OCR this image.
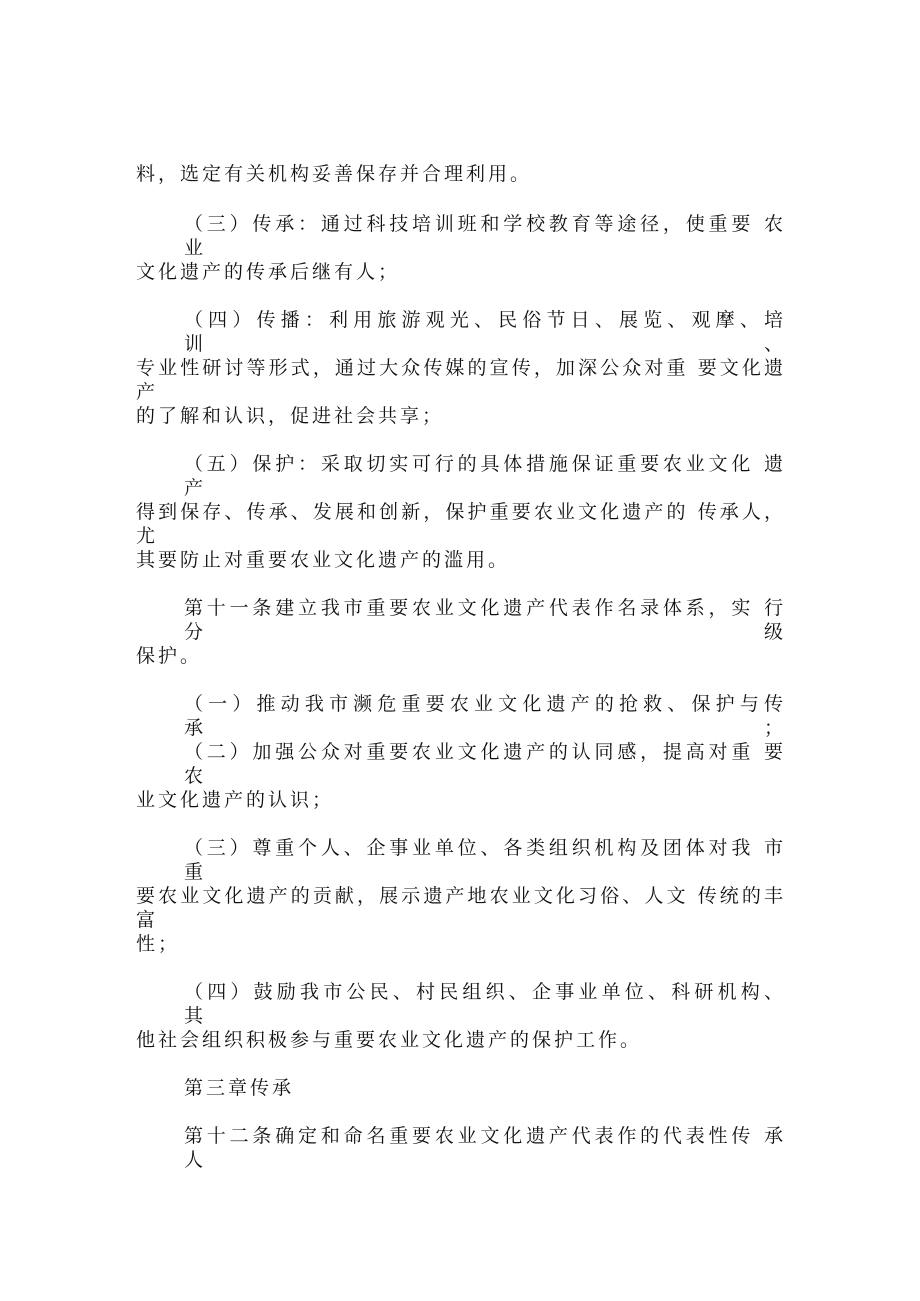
料，选定有关机构妥善保存并合理利用。
（三）传承：通过科技培训班和学校教育等途径，使重要 农业
文化遗产的传承后继有人；
（四）传播：利用旅游观光、民俗节日、展览、观摩、培 训、
专业性研讨等形式，通过大众传媒的宣传，加深公众对重 要文化遗产
的了解和认识，促进社会共享；
（五）保护：采取切实可行的具体措施保证重要农业文化 遗产
得到保存、传承、发展和创新，保护重要农业文化遗产的 传承人，尤
其要防止对重要农业文化遗产的滥用。
第十一条建立我市重要农业文化遗产代表作名录体系，实 行分级
保护。
（一）推动我市濒危重要农业文化遗产的抢救、保护与传 承；
（二）加强公众对重要农业文化遗产的认同感，提高对重 要农
业文化遗产的认识；
（三）尊重个人、企事业单位、各类组织机构及团体对我 市重
要农业文化遗产的贡献，展示遗产地农业文化习俗、人文 传统的丰富
性；
（四）鼓励我市公民、村民组织、企事业单位、科研机构、 其
他社会组织积极参与重要农业文化遗产的保护工作。
第三章传承
第十二条确定和命名重要农业文化遗产代表作的代表性传 承人
